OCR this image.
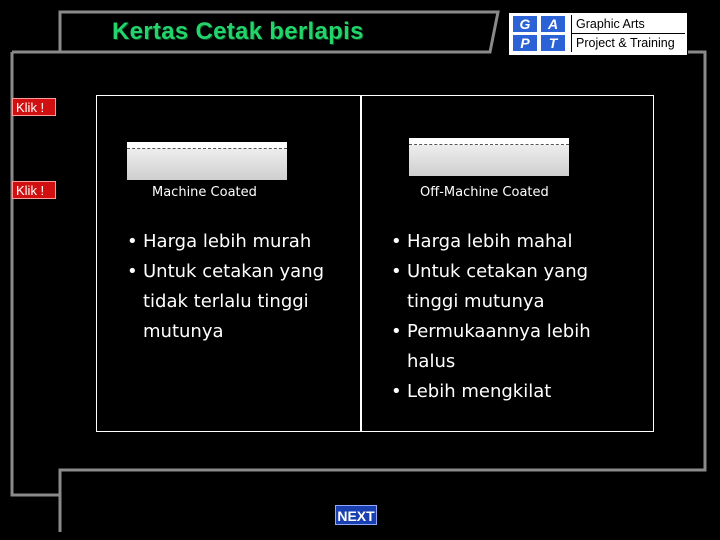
Kertas Cetak berlapis	G	A
P	T
Graphic Arts
Project & Training
Klik !
Klik !	Machine Coated
• Harga lebih murah
• Untuk cetakan yang tidak terlalu tinggi mutunya
Off-Machine Coated
• Harga lebih mahal
• Untuk cetakan yang tinggi mutunya
• Permukaannya lebih halus
• Lebih mengkilat
NEXT
